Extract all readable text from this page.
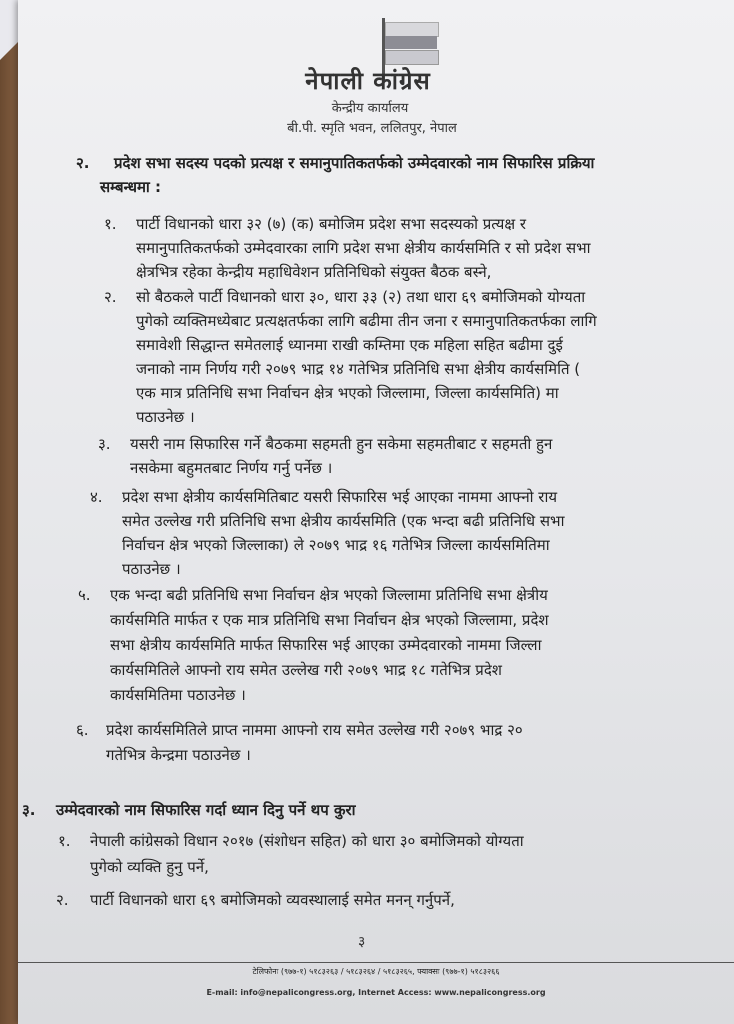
नेपाली कांग्रेस
केन्द्रीय कार्यालय
बी.पी. स्मृति भवन, ललितपुर, नेपाल
२. प्रदेश सभा सदस्य पदको प्रत्यक्ष र समानुपातिकतर्फको उम्मेदवारको नाम सिफारिस प्रक्रिया
सम्बन्धमा :
१. पार्टी विधानको धारा ३२ (७) (क) बमोजिम प्रदेश सभा सदस्यको प्रत्यक्ष र
समानुपातिकतर्फको उम्मेदवारका लागि प्रदेश सभा क्षेत्रीय कार्यसमिति र सो प्रदेश सभा
क्षेत्रभित्र रहेका केन्द्रीय महाधिवेशन प्रतिनिधिको संयुक्त बैठक बस्ने,
२. सो बैठकले पार्टी विधानको धारा ३०, धारा ३३ (२) तथा धारा ६९ बमोजिमको योग्यता
पुगेको व्यक्तिमध्येबाट प्रत्यक्षतर्फका लागि बढीमा तीन जना र समानुपातिकतर्फका लागि
समावेशी सिद्धान्त समेतलाई ध्यानमा राखी कम्तिमा एक महिला सहित बढीमा दुई
जनाको नाम निर्णय गरी २०७९ भाद्र १४ गतेभित्र प्रतिनिधि सभा क्षेत्रीय कार्यसमिति (
एक मात्र प्रतिनिधि सभा निर्वाचन क्षेत्र भएको जिल्लामा, जिल्ला कार्यसमिति) मा
पठाउनेछ ।
३. यसरी नाम सिफारिस गर्ने बैठकमा सहमती हुन सकेमा सहमतीबाट र सहमती हुन
नसकेमा बहुमतबाट निर्णय गर्नु पर्नेछ ।
४. प्रदेश सभा क्षेत्रीय कार्यसमितिबाट यसरी सिफारिस भई आएका नाममा आफ्नो राय
समेत उल्लेख गरी प्रतिनिधि सभा क्षेत्रीय कार्यसमिति (एक भन्दा बढी प्रतिनिधि सभा
निर्वाचन क्षेत्र भएको जिल्लाका) ले २०७९ भाद्र १६ गतेभित्र जिल्ला कार्यसमितिमा
पठाउनेछ ।
५. एक भन्दा बढी प्रतिनिधि सभा निर्वाचन क्षेत्र भएको जिल्लामा प्रतिनिधि सभा क्षेत्रीय
कार्यसमिति मार्फत र एक मात्र प्रतिनिधि सभा निर्वाचन क्षेत्र भएको जिल्लामा, प्रदेश
सभा क्षेत्रीय कार्यसमिति मार्फत सिफारिस भई आएका उम्मेदवारको नाममा जिल्ला
कार्यसमितिले आफ्नो राय समेत उल्लेख गरी २०७९ भाद्र १८ गतेभित्र प्रदेश
कार्यसमितिमा पठाउनेछ ।
६. प्रदेश कार्यसमितिले प्राप्त नाममा आफ्नो राय समेत उल्लेख गरी २०७९ भाद्र २०
गतेभित्र केन्द्रमा पठाउनेछ ।
३. उम्मेदवारको नाम सिफारिस गर्दा ध्यान दिनु पर्ने थप कुरा
१. नेपाली कांग्रेसको विधान २०१७ (संशोधन सहित) को धारा ३० बमोजिमको योग्यता
पुगेको व्यक्ति हुनु पर्ने,
२. पार्टी विधानको धारा ६९ बमोजिमको व्यवस्थालाई समेत मनन् गर्नुपर्ने,
३
टेलिफोनः (९७७-१) ५१८३२६३ / ५१८३२६४ / ५१८३२६५, फ्याक्सः (९७७-१) ५१८३२६६
E-mail: info@nepalicongress.org, Internet Access: www.nepalicongress.org
